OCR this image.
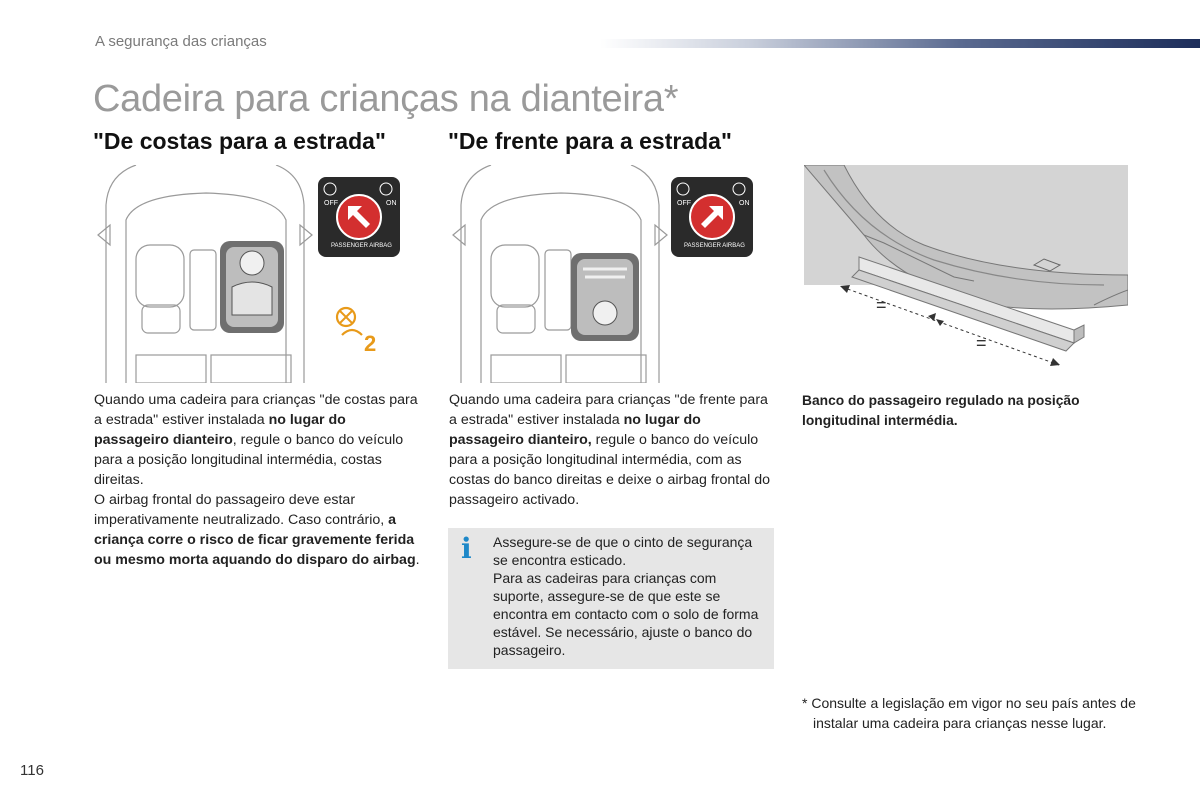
A segurança das crianças
Cadeira para crianças na dianteira*
"De costas para a estrada"	"De frente para a estrada"
OFF	ON
PASSENGER AIRBAG
2
OFF	ON
PASSENGER AIRBAG
=
=

Quando uma cadeira para crianças "de costas para a estrada" estiver instalada no lugar do passageiro dianteiro, regule o banco do veículo para a posição longitudinal intermédia, costas direitas.

O airbag frontal do passageiro deve estar imperativamente neutralizado. Caso contrário, a criança corre o risco de ficar gravemente ferida ou mesmo morta aquando do disparo do airbag.

Quando uma cadeira para crianças "de frente para a estrada" estiver instalada no lugar do passageiro dianteiro, regule o banco do veículo para a posição longitudinal intermédia, com as costas do banco direitas e deixe o airbag frontal do passageiro activado.

i Assegure-se de que o cinto de segurança se encontra esticado.
Para as cadeiras para crianças com suporte, assegure-se de que este se encontra em contacto com o solo de forma estável. Se necessário, ajuste o banco do passageiro.
Banco do passageiro regulado na posição longitudinal intermédia.
* Consulte a legislação em vigor no seu país antes de instalar uma cadeira para crianças nesse lugar.
116
